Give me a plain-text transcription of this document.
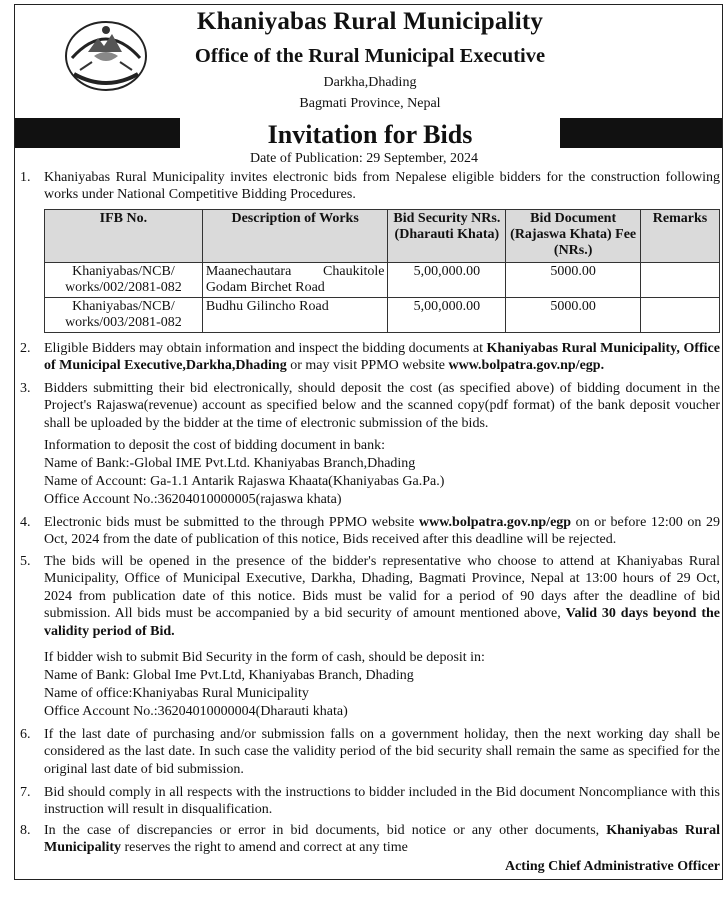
Khaniyabas Rural Municipality
Office of the Rural Municipal Executive
Darkha,Dhading
Bagmati Province, Nepal
Invitation for Bids
Date of Publication: 29 September, 2024
1. Khaniyabas Rural Municipality invites electronic bids from Nepalese eligible bidders for the construction following works under National Competitive Bidding Procedures.
IFB No.	Description of Works	Bid Security NRs. (Dharauti Khata)	Bid Document (Rajaswa Khata) Fee (NRs.)	Remarks
Khaniyabas/NCB/ works/002/2081-082	Maanechautara Chaukitole Godam Birchet Road	5,00,000.00	5000.00	
Khaniyabas/NCB/ works/003/2081-082	Budhu Gilincho Road	5,00,000.00	5000.00	
2. Eligible Bidders may obtain information and inspect the bidding documents at Khaniyabas Rural Municipality, Office of Municipal Executive,Darkha,Dhading or may visit PPMO website www.bolpatra.gov.np/egp.
3. Bidders submitting their bid electronically, should deposit the cost (as specified above) of bidding document in the Project's Rajaswa(revenue) account as specified below and the scanned copy(pdf format) of the bank deposit voucher shall be uploaded by the bidder at the time of electronic submission of the bids.
Information to deposit the cost of bidding document in bank:
Name of Bank:-Global IME Pvt.Ltd. Khaniyabas Branch,Dhading
Name of Account: Ga-1.1 Antarik Rajaswa Khaata(Khaniyabas Ga.Pa.)
Office Account No.:36204010000005(rajaswa khata)
4. Electronic bids must be submitted to the through PPMO website www.bolpatra.gov.np/egp on or before 12:00 on 29 Oct, 2024 from the date of publication of this notice, Bids received after this deadline will be rejected.
5. The bids will be opened in the presence of the bidder's representative who choose to attend at Khaniyabas Rural Municipality, Office of Municipal Executive, Darkha, Dhading, Bagmati Province, Nepal at 13:00 hours of 29 Oct, 2024 from publication date of this notice. Bids must be valid for a period of 90 days after the deadline of bid submission. All bids must be accompanied by a bid security of amount mentioned above, Valid 30 days beyond the validity period of Bid.
If bidder wish to submit Bid Security in the form of cash, should be deposit in:
Name of Bank: Global Ime Pvt.Ltd, Khaniyabas Branch, Dhading
Name of office:Khaniyabas Rural Municipality
Office Account No.:36204010000004(Dharauti khata)
6. If the last date of purchasing and/or submission falls on a government holiday, then the next working day shall be considered as the last date. In such case the validity period of the bid security shall remain the same as specified for the original last date of bid submission.
7. Bid should comply in all respects with the instructions to bidder included in the Bid document Noncompliance with this instruction will result in disqualification.
8. In the case of discrepancies or error in bid documents, bid notice or any other documents, Khaniyabas Rural Municipality reserves the right to amend and correct at any time
Acting Chief Administrative Officer
